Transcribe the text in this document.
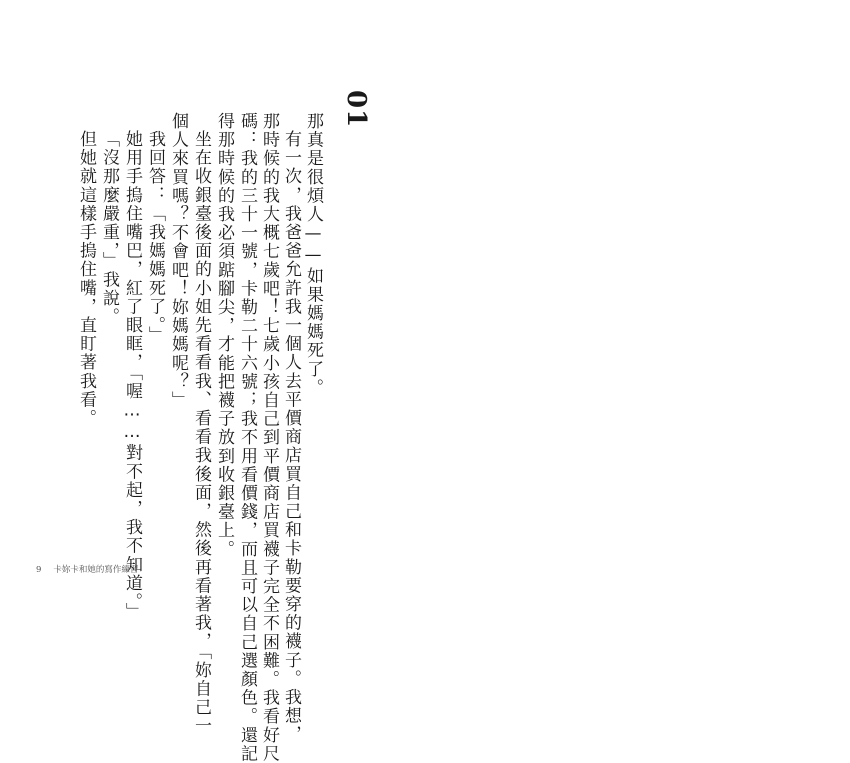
01
那真是很煩人——如果媽媽死了。
有一次，我爸爸允許我一個人去平價商店買自己和卡勒要穿的襪子。我想，
那時候的我大概七歲吧！七歲小孩自己到平價商店買襪子完全不困難。我看好尺
碼：我的三十一號，卡勒二十六號；我不用看價錢，而且可以自己選顏色。還記
得那時候的我必須踮腳尖，才能把襪子放到收銀臺上。
坐在收銀臺後面的小姐先看看我、看看我後面，然後再看著我，「妳自己一
個人來買嗎？不會吧！妳媽媽呢？」
我回答：「我媽媽死了。」
她用手摀住嘴巴，紅了眼眶，「喔……對不起，我不知道。」
「沒那麼嚴重，」我說。
但她就這樣手摀住嘴，直盯著我看。
9 卡妳卡和她的寫作練習
